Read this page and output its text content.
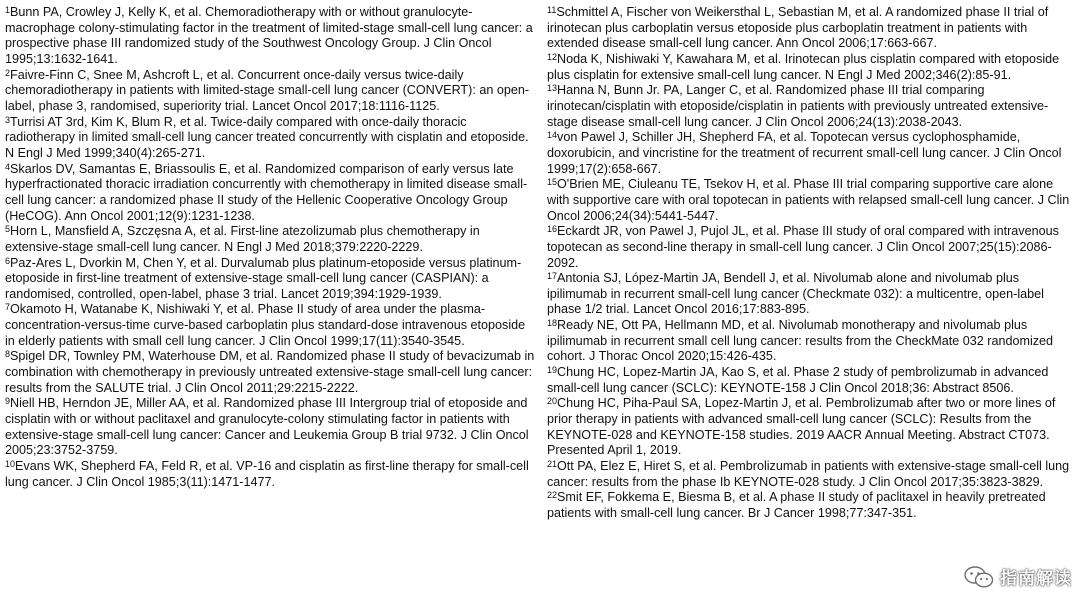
$^1$Bunn PA, Crowley J, Kelly K, et al. Chemoradiotherapy with or without granulocyte-macrophage colony-stimulating factor in the treatment of limited-stage small-cell lung cancer: a prospective phase III randomized study of the Southwest Oncology Group. J Clin Oncol 1995;13:1632-1641.

$^2$Faivre-Finn C, Snee M, Ashcroft L, et al. Concurrent once-daily versus twice-daily chemoradiotherapy in patients with limited-stage small-cell lung cancer (CONVERT): an open-label, phase 3, randomised, superiority trial. Lancet Oncol 2017;18:1116-1125.

$^3$Turrisi AT 3rd, Kim K, Blum R, et al. Twice-daily compared with once-daily thoracic radiotherapy in limited small-cell lung cancer treated concurrently with cisplatin and etoposide. N Engl J Med 1999;340(4):265-271.

$^4$Skarlos DV, Samantas E, Briassoulis E, et al. Randomized comparison of early versus late hyperfractionated thoracic irradiation concurrently with chemotherapy in limited disease small-cell lung cancer: a randomized phase II study of the Hellenic Cooperative Oncology Group (HeCOG). Ann Oncol 2001;12(9):1231-1238.

$^5$Horn L, Mansfield A, Szczęsna A, et al. First-line atezolizumab plus chemotherapy in extensive-stage small-cell lung cancer. N Engl J Med 2018;379:2220-2229.

$^6$Paz-Ares L, Dvorkin M, Chen Y, et al. Durvalumab plus platinum-etoposide versus platinum-etoposide in first-line treatment of extensive-stage small-cell lung cancer (CASPIAN): a randomised, controlled, open-label, phase 3 trial. Lancet 2019;394:1929-1939.

$^7$Okamoto H, Watanabe K, Nishiwaki Y, et al. Phase II study of area under the plasma-concentration-versus-time curve-based carboplatin plus standard-dose intravenous etoposide in elderly patients with small cell lung cancer. J Clin Oncol 1999;17(11):3540-3545.

$^8$Spigel DR, Townley PM, Waterhouse DM, et al. Randomized phase II study of bevacizumab in combination with chemotherapy in previously untreated extensive-stage small-cell lung cancer: results from the SALUTE trial. J Clin Oncol 2011;29:2215-2222.

$^9$Niell HB, Herndon JE, Miller AA, et al. Randomized phase III Intergroup trial of etoposide and cisplatin with or without paclitaxel and granulocyte-colony stimulating factor in patients with extensive-stage small-cell lung cancer: Cancer and Leukemia Group B trial 9732. J Clin Oncol 2005;23:3752-3759.

$^{10}$Evans WK, Shepherd FA, Feld R, et al. VP-16 and cisplatin as first-line therapy for small-cell lung cancer. J Clin Oncol 1985;3(11):1471-1477.

$^{11}$Schmittel A, Fischer von Weikersthal L, Sebastian M, et al. A randomized phase II trial of irinotecan plus carboplatin versus etoposide plus carboplatin treatment in patients with extended disease small-cell lung cancer. Ann Oncol 2006;17:663-667.

$^{12}$Noda K, Nishiwaki Y, Kawahara M, et al. Irinotecan plus cisplatin compared with etoposide plus cisplatin for extensive small-cell lung cancer. N Engl J Med 2002;346(2):85-91.

$^{13}$Hanna N, Bunn Jr. PA, Langer C, et al. Randomized phase III trial comparing irinotecan/cisplatin with etoposide/cisplatin in patients with previously untreated extensive-stage disease small-cell lung cancer. J Clin Oncol 2006;24(13):2038-2043.

$^{14}$von Pawel J, Schiller JH, Shepherd FA, et al. Topotecan versus cyclophosphamide, doxorubicin, and vincristine for the treatment of recurrent small-cell lung cancer. J Clin Oncol 1999;17(2):658-667.

$^{15}$O'Brien ME, Ciuleanu TE, Tsekov H, et al. Phase III trial comparing supportive care alone with supportive care with oral topotecan in patients with relapsed small-cell lung cancer. J Clin Oncol 2006;24(34):5441-5447.

$^{16}$Eckardt JR, von Pawel J, Pujol JL, et al. Phase III study of oral compared with intravenous topotecan as second-line therapy in small-cell lung cancer. J Clin Oncol 2007;25(15):2086-2092.

$^{17}$Antonia SJ, López-Martin JA, Bendell J, et al. Nivolumab alone and nivolumab plus ipilimumab in recurrent small-cell lung cancer (Checkmate 032): a multicentre, open-label phase 1/2 trial. Lancet Oncol 2016;17:883-895.

$^{18}$Ready NE, Ott PA, Hellmann MD, et al. Nivolumab monotherapy and nivolumab plus ipilimumab in recurrent small cell lung cancer: results from the CheckMate 032 randomized cohort. J Thorac Oncol 2020;15:426-435.

$^{19}$Chung HC, Lopez-Martin JA, Kao S, et al. Phase 2 study of pembrolizumab in advanced small-cell lung cancer (SCLC): KEYNOTE-158 J Clin Oncol 2018;36: Abstract 8506.

$^{20}$Chung HC, Piha-Paul SA, Lopez-Martin J, et al. Pembrolizumab after two or more lines of prior therapy in patients with advanced small-cell lung cancer (SCLC): Results from the KEYNOTE-028 and KEYNOTE-158 studies. 2019 AACR Annual Meeting. Abstract CT073. Presented April 1, 2019.

$^{21}$Ott PA, Elez E, Hiret S, et al. Pembrolizumab in patients with extensive-stage small-cell lung cancer: results from the phase Ib KEYNOTE-028 study. J Clin Oncol 2017;35:3823-3829.

$^{22}$Smit EF, Fokkema E, Biesma B, et al. A phase II study of paclitaxel in heavily pretreated patients with small-cell lung cancer. Br J Cancer 1998;77:347-351.

指南解读
